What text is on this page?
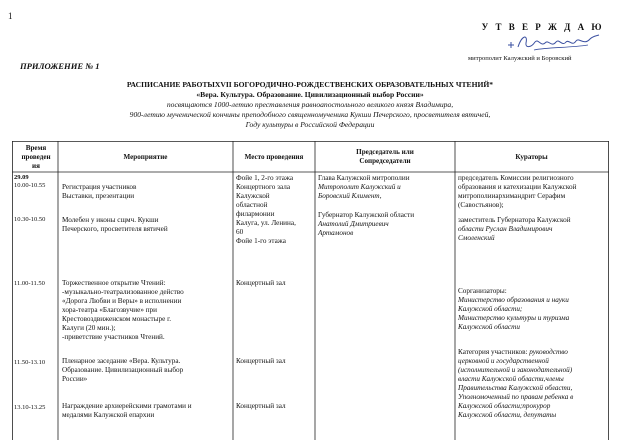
1
У Т В Е Р Ж Д А Ю
митрополит Калужский и Боровский
ПРИЛОЖЕНИЕ № 1
РАСПИСАНИЕ РАБОТЫXVII БОГОРОДИЧНО-РОЖДЕСТВЕНСКИХ ОБРАЗОВАТЕЛЬНЫХ ЧТЕНИЙ*
«Вера. Культура. Образование. Цивилизационный выбор России»
посвящаются 1000-летию преставления равноапостольного великого князя Владимира,
900-летию мученической кончины преподобного священномученика Кукши Печерского, просветителя вятичей,
Году культуры в Российской Федерации
Время
проведен
ия
Мероприятие	Место проведения
Председатель или
Сопредседатели	Кураторы
29.09
10.00-10.55
10.30-10.50
11.00-11.50
11.50-13.10
13.10-13.25
Регистрация участников
Выставки, презентации
Молебен у иконы сщмч. Кукши
Печерского, просветителя вятичей
Торжественное открытие Чтений:
-музыкально-театрализованное действо
«Дорога Любви и Веры» в исполнении
хора-театра «Благозвучие» при
Крестовоздвиженском монастыре г.
Калуги (20 мин.);
-приветствие участников Чтений.
Пленарное заседание «Вера. Культура.
Образование. Цивилизационный выбор
России»
Награждение архиерейскими грамотами и
медалями Калужской епархии
Фойе 1, 2-го этажа
Концертного зала
Калужской
областной
филармонии
Калуга, ул. Ленина,
60
Фойе 1-го этажа
Концертный зал
Концертный зал
Концертный зал
Глава Калужской митрополии
Митрополит Калужский и
Боровский Климент,
Губернатор Калужской области
Анатолий Дмитриевич
Артамонов
председатель Комиссии религиозного
образования и катехизации Калужской
митрополииархимандрит Серафим
(Савостьянов);
заместитель Губернатора Калужской
области Руслан Владимирович
Смоленский
Сорганизаторы:
Министерство образования и науки
Калужской области;
Министерство культуры и туризма
Калужской области
Категория участников: руководство
церковной и государственной
(исполнительной и законодательной)
власти Калужской области,члены
Правительства Калужской области,
Уполномоченный по правам ребенка в
Калужской области;прокурор
Калужской области, депутаты
